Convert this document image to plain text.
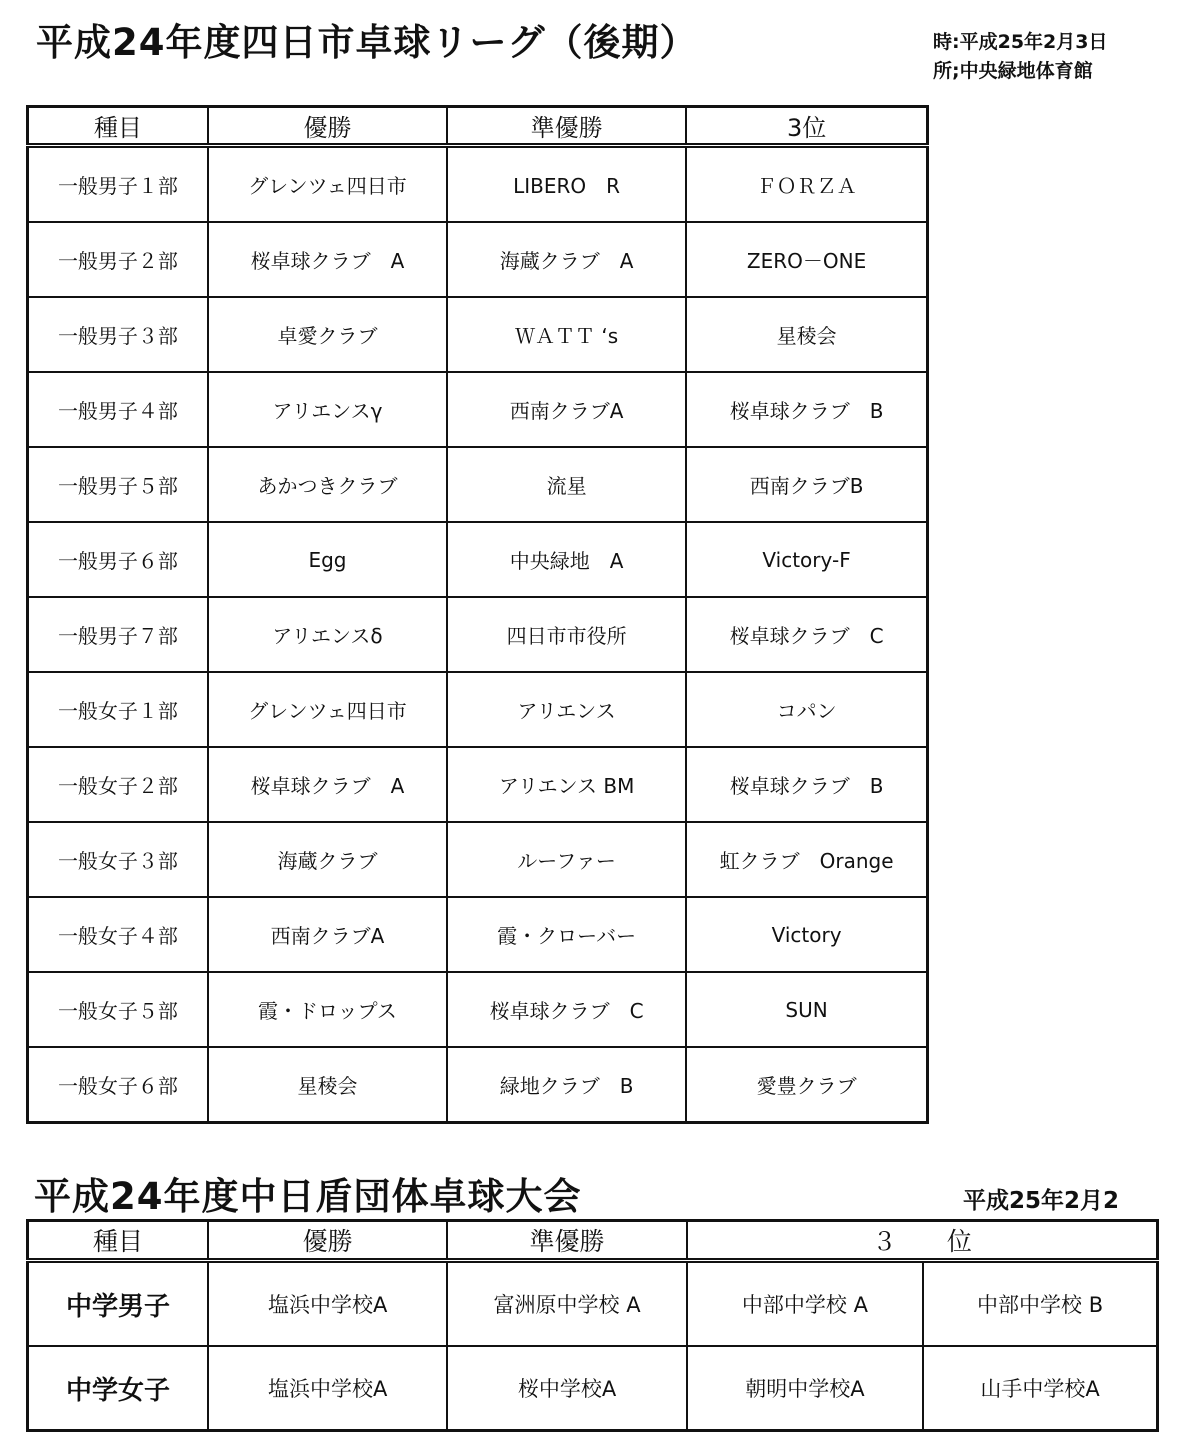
平成24年度四日市卓球リーグ（後期）	時:平成25年2月3日
所;中央緑地体育館
種目	優勝	準優勝	3位
一般男子１部	グレンツェ四日市	LIBERO　R	ＦＯＲＺＡ
一般男子２部	桜卓球クラブ　A	海蔵クラブ　A	ZERO－ONE
一般男子３部	卓愛クラブ	ＷＡＴＴ ‘s	星稜会
一般男子４部	アリエンスγ	西南クラブA	桜卓球クラブ　B
一般男子５部	あかつきクラブ	流星	西南クラブB
一般男子６部	Egg	中央緑地　A	Victory-F
一般男子７部	アリエンスδ	四日市市役所	桜卓球クラブ　C
一般女子１部	グレンツェ四日市	アリエンス	コパン
一般女子２部	桜卓球クラブ　A	アリエンス BM	桜卓球クラブ　B
一般女子３部	海蔵クラブ	ルーファー	虹クラブ　Orange
一般女子４部	西南クラブA	霞・クローバー	Victory
一般女子５部	霞・ドロップス	桜卓球クラブ　C	SUN
一般女子６部	星稜会	緑地クラブ　B	愛豊クラブ
平成24年度中日盾団体卓球大会	平成25年2月2
種目	優勝	準優勝	３　　位	
中学男子	塩浜中学校A	富洲原中学校 A	中部中学校 A	中部中学校 B
中学女子	塩浜中学校A	桜中学校A	朝明中学校A	山手中学校A
